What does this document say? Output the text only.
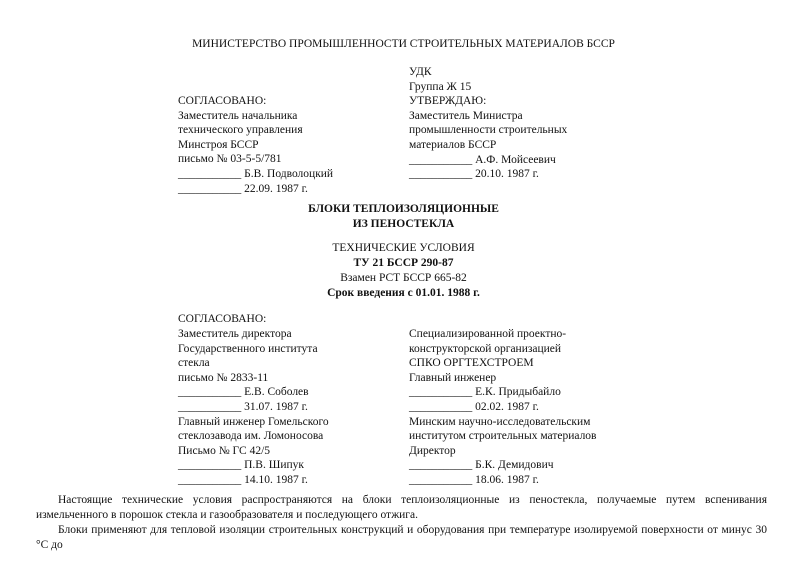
МИНИСТЕРСТВО ПРОМЫШЛЕННОСТИ СТРОИТЕЛЬНЫХ МАТЕРИАЛОВ БССР
СОГЛАСОВАНО:
Заместитель начальника
технического управления
Минстроя БССР
письмо № 03-5-5/781
___________ Б.В. Подволоцкий
___________ 22.09. 1987 г.
УДК
Группа Ж 15
УТВЕРЖДАЮ:
Заместитель Министра
промышленности строительных
материалов БССР
___________ А.Ф. Мойсеевич
___________ 20.10. 1987 г.
БЛОКИ ТЕПЛОИЗОЛЯЦИОННЫЕ
ИЗ ПЕНОСТЕКЛА
ТЕХНИЧЕСКИЕ УСЛОВИЯ
ТУ 21 БССР 290-87
Взамен РСТ БССР 665-82
Срок введения с 01.01. 1988 г.
СОГЛАСОВАНО:
Заместитель директора
Государственного института
стекла
письмо № 2833-11
___________ Е.В. Соболев
___________ 31.07. 1987 г.
Главный инженер Гомельского
стеклозавода им. Ломоносова
Письмо № ГС 42/5
___________ П.В. Шипук
___________ 14.10. 1987 г.
Специализированной проектно-
конструкторской организацией
СПКО ОРГТЕХСТРОЕМ
Главный инженер
___________ Е.К. Придыбайло
___________ 02.02. 1987 г.
Минским научно-исследовательским
институтом строительных материалов
Директор
___________ Б.К. Демидович
___________ 18.06. 1987 г.
Настоящие технические условия распространяются на блоки теплоизоляционные из пеностекла, получаемые путем вспенивания измельченного в порошок стекла и газообразователя и последующего отжига.
Блоки применяют для тепловой изоляции строительных конструкций и оборудования при температуре изолируемой поверхности от минус 30 °С до
